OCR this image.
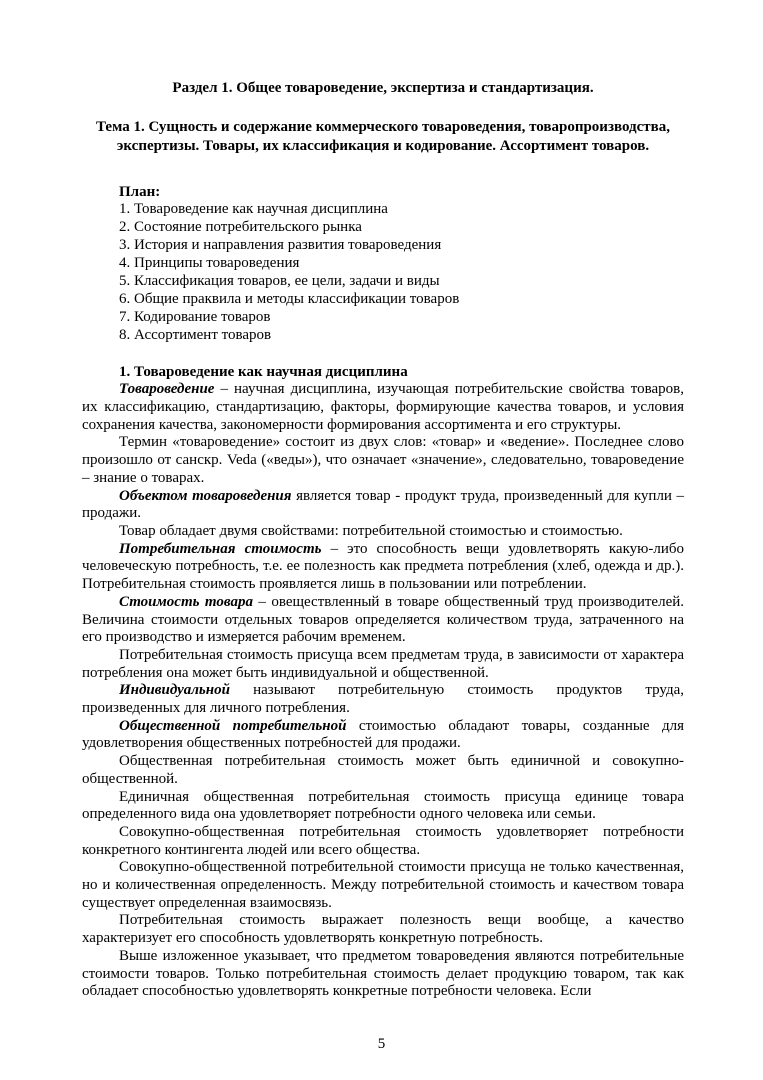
Раздел 1. Общее товароведение, экспертиза и стандартизация.
Тема 1. Сущность и содержание коммерческого товароведения, товаропроизводства, экспертизы. Товары, их классификация и кодирование. Ассортимент товаров.
План:
1. Товароведение как научная дисциплина
2. Состояние потребительского рынка
3. История и направления развития товароведения
4. Принципы товароведения
5. Классификация товаров, ее цели, задачи и виды
6. Общие праквила и методы классификации товаров
7. Кодирование товаров
8. Ассортимент товаров
1. Товароведение как научная дисциплина

Товароведение – научная дисциплина, изучающая потребительские свойства товаров, их классификацию, стандартизацию, факторы, формирующие качества товаров, и условия сохранения качества, закономерности формирования ассортимента и его структуры.

Термин «товароведение» состоит из двух слов: «товар» и «ведение». Последнее слово произошло от санскр. Veda («веды»), что означает «значение», следовательно, товароведение – знание о товарах.

Объектом товароведения является товар - продукт труда, произведенный для купли – продажи.

Товар обладает двумя свойствами: потребительной стоимостью и стоимостью.

Потребительная стоимость – это способность вещи удовлетворять какую-либо человеческую потребность, т.е. ее полезность как предмета потребления (хлеб, одежда и др.). Потребительная стоимость проявляется лишь в пользовании или потреблении.

Стоимость товара – овеществленный в товаре общественный труд производителей. Величина стоимости отдельных товаров определяется количеством труда, затраченного на его производство и измеряется рабочим временем.

Потребительная стоимость присуща всем предметам труда, в зависимости от характера потребления она может быть индивидуальной и общественной.

Индивидуальной называют потребительную стоимость продуктов труда, произведенных для личного потребления.

Общественной потребительной стоимостью обладают товары, созданные для удовлетворения общественных потребностей для продажи.

Общественная потребительная стоимость может быть единичной и совокупно-общественной.

Единичная общественная потребительная стоимость присуща единице товара определенного вида она удовлетворяет потребности одного человека или семьи.

Совокупно-общественная потребительная стоимость удовлетворяет потребности конкретного контингента людей или всего общества.

Совокупно-общественной потребительной стоимости присуща не только качественная, но и количественная определенность. Между потребительной стоимость и качеством товара существует определенная взаимосвязь.

Потребительная стоимость выражает полезность вещи вообще, а качество характеризует его способность удовлетворять конкретную потребность.

Выше изложенное указывает, что предметом товароведения являются потребительные стоимости товаров. Только потребительная стоимость делает продукцию товаром, так как обладает способностью удовлетворять конкретные потребности человека. Если

5
